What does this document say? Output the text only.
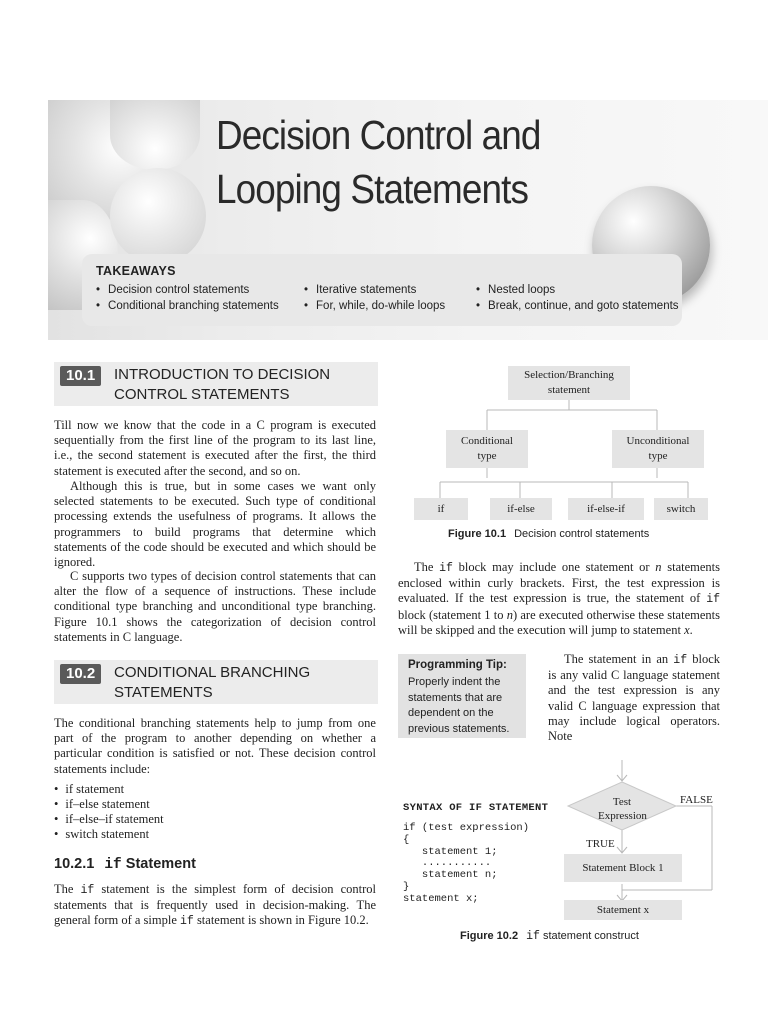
Decision Control and
Looping Statements
TAKEAWAYS
• Decision control statements
• Conditional branching statements
• Iterative statements
• For, while, do-while loops
• Nested loops
• Break, continue, and goto statements
10.1	INTRODUCTION TO DECISION
CONTROL STATEMENTS
Till now we know that the code in a C program is executed sequentially from the first line of the program to its last line, i.e., the second statement is executed after the first, the third statement is executed after the second, and so on.
Although this is true, but in some cases we want only selected statements to be executed. Such type of conditional processing extends the usefulness of programs. It allows the programmers to build programs that determine which statements of the code should be executed and which should be ignored.
C supports two types of decision control statements that can alter the flow of a sequence of instructions. These include conditional type branching and unconditional type branching. Figure 10.1 shows the categorization of decision control statements in C language.
10.2	CONDITIONAL BRANCHING
STATEMENTS
The conditional branching statements help to jump from one part of the program to another depending on whether a particular condition is satisfied or not. These decision control statements include:
• if statement
• if–else statement
• if–else–if statement
• switch statement
10.2.1 if Statement
The if statement is the simplest form of decision control statements that is frequently used in decision-making. The general form of a simple if statement is shown in Figure 10.2.
Selection/Branching
statement
Conditional
type
Unconditional
type
if	if-else	if-else-if	switch
Figure 10.1 Decision control statements
The if block may include one statement or n statements enclosed within curly brackets. First, the test expression is evaluated. If the test expression is true, the statement of if block (statement 1 to n) are executed otherwise these statements will be skipped and the execution will jump to statement x.
Programming Tip:
Properly indent the statements that are dependent on the previous statements.
The statement in an if block is any valid C language statement and the test expression is any valid C language expression that may include logical operators. Note
SYNTAX OF IF STATEMENT
if (test expression)
{
statement 1;
...........
statement n;
}
statement x;
Test
Expression
FALSE
TRUE
Statement Block 1
Statement x
Figure 10.2 if statement construct
